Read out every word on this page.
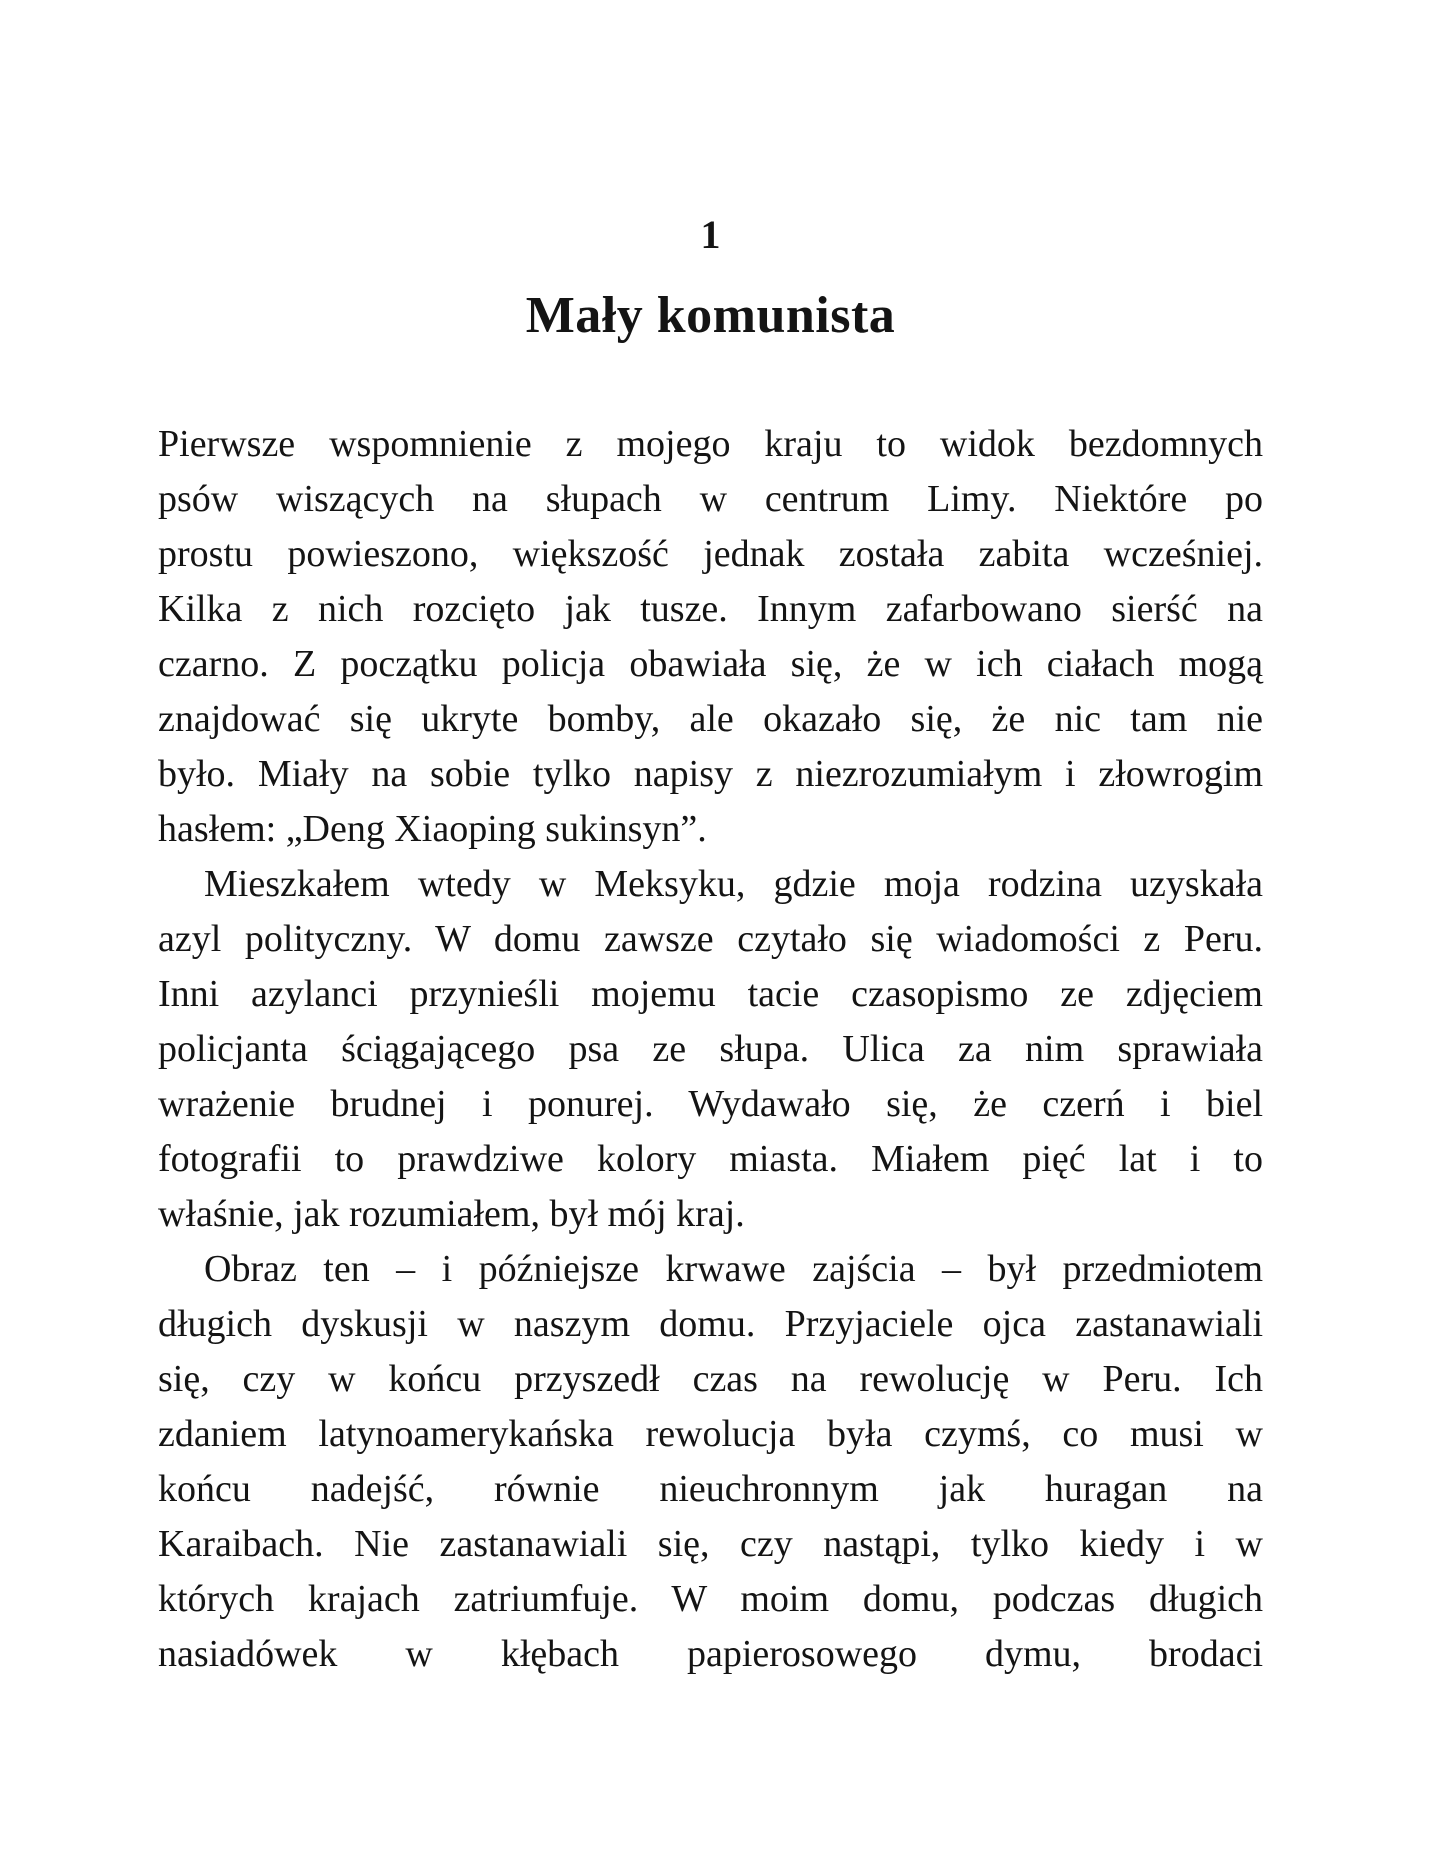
1
Mały komunista
Pierwsze wspomnienie z mojego kraju to widok bezdomnych
psów wiszących na słupach w centrum Limy. Niektóre po
prostu powieszono, większość jednak została zabita wcześniej.
Kilka z nich rozcięto jak tusze. Innym zafarbowano sierść na
czarno. Z początku policja obawiała się, że w ich ciałach mogą
znajdować się ukryte bomby, ale okazało się, że nic tam nie
było. Miały na sobie tylko napisy z niezrozumiałym i złowrogim
hasłem: „Deng Xiaoping sukinsyn”.
Mieszkałem wtedy w Meksyku, gdzie moja rodzina uzyskała
azyl polityczny. W domu zawsze czytało się wiadomości z Peru.
Inni azylanci przynieśli mojemu tacie czasopismo ze zdjęciem
policjanta ściągającego psa ze słupa. Ulica za nim sprawiała
wrażenie brudnej i ponurej. Wydawało się, że czerń i biel
fotografii to prawdziwe kolory miasta. Miałem pięć lat i to
właśnie, jak rozumiałem, był mój kraj.
Obraz ten – i późniejsze krwawe zajścia – był przedmiotem
długich dyskusji w naszym domu. Przyjaciele ojca zastanawiali
się, czy w końcu przyszedł czas na rewolucję w Peru. Ich
zdaniem latynoamerykańska rewolucja była czymś, co musi w
końcu nadejść, równie nieuchronnym jak huragan na
Karaibach. Nie zastanawiali się, czy nastąpi, tylko kiedy i w
których krajach zatriumfuje. W moim domu, podczas długich
nasiadówek w kłębach papierosowego dymu, brodaci
